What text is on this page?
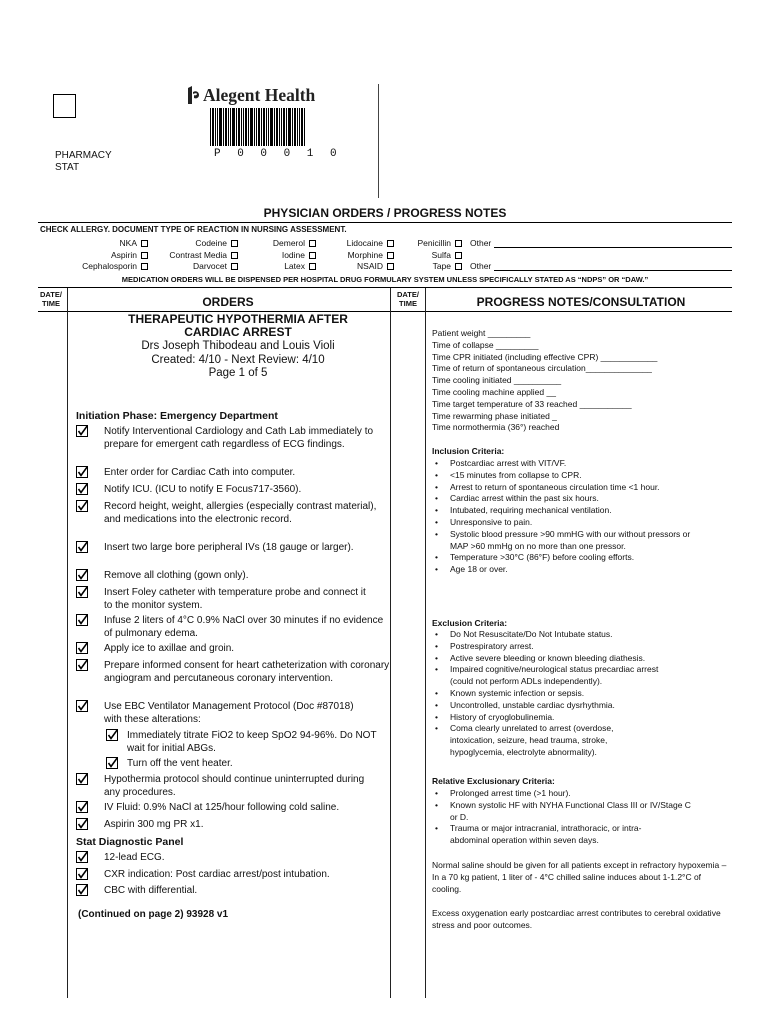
Alegent Health
P 0 0 0 1 0
PHARMACY
STAT
PHYSICIAN ORDERS / PROGRESS NOTES
CHECK ALLERGY. DOCUMENT TYPE OF REACTION IN NURSING ASSESSMENT.
NKA
Aspirin
Cephalosporin
Codeine
Contrast Media
Darvocet
Demerol
Iodine
Latex
Lidocaine
Morphine
NSAID
Penicillin
Sulfa
Tape
Other
Other
MEDICATION ORDERS WILL BE DISPENSED PER HOSPITAL DRUG FORMULARY SYSTEM UNLESS SPECIFICALLY STATED AS “NDPS” OR “DAW.”
DATE/
TIME	ORDERS
DATE/
TIME	PROGRESS NOTES/CONSULTATION
THERAPEUTIC HYPOTHERMIA AFTER
CARDIAC ARREST
Drs Joseph Thibodeau and Louis Violi
Created: 4/10 - Next Review: 4/10
Page 1 of 5
Initiation Phase: Emergency Department
Stat Diagnostic Panel
(Continued on page 2) 93928 v1
Patient weight _________
Time of collapse _________
Time CPR initiated (including effective CPR) ____________
Time of return of spontaneous circulation______________
Time cooling initiated __________
Time cooling machine applied __
Time target temperature of 33 reached ___________
Time rewarming phase initiated _
Time normothermia (36°) reached
Inclusion Criteria:
• Postcardiac arrest with VIT/VF.
• <15 minutes from collapse to CPR.
• Arrest to return of spontaneous circulation time <1 hour.
• Cardiac arrest within the past six hours.
• Intubated, requiring mechanical ventilation.
• Unresponsive to pain.
• Systolic blood pressure >90 mmHG with our without pressors or MAP >60 mmHg on no more than one pressor.
• Temperature >30°C (86°F) before cooling efforts.
• Age 18 or over.
Exclusion Criteria:
• Do Not Resuscitate/Do Not Intubate status.
• Postrespiratory arrest.
• Active severe bleeding or known bleeding diathesis.
• Impaired cognitive/neurological status precardiac arrest (could not perform ADLs independently).
• Known systemic infection or sepsis.
• Uncontrolled, unstable cardiac dysrhythmia.
• History of cryoglobulinemia.
• Coma clearly unrelated to arrest (overdose, intoxication, seizure, head trauma, stroke, hypoglycemia, electrolyte abnormality).
Relative Exclusionary Criteria:
• Prolonged arrest time (>1 hour).
• Known systolic HF with NYHA Functional Class III or IV/Stage C or D.
• Trauma or major intracranial, intrathoracic, or intra-abdominal operation within seven days.
Normal saline should be given for all patients except in refractory hypoxemia –In a 70 kg patient, 1 liter of - 4°C chilled saline induces about 1-1.2°C of cooling.
Excess oxygenation early postcardiac arrest contributes to cerebral oxidative stress and poor outcomes.
Notify Interventional Cardiology and Cath Lab immediately to prepare for emergent cath regardless of ECG findings.
Enter order for Cardiac Cath into computer.
Notify ICU. (ICU to notify E Focus717-3560).
Record height, weight, allergies (especially contrast material), and medications into the electronic record.
Insert two large bore peripheral IVs (18 gauge or larger).
Remove all clothing (gown only).
Insert Foley catheter with temperature probe and connect it to the monitor system.
Infuse 2 liters of 4°C 0.9% NaCl over 30 minutes if no evidence of pulmonary edema.
Apply ice to axillae and groin.
Prepare informed consent for heart catheterization with coronary angiogram and percutaneous coronary intervention.
Use EBC Ventilator Management Protocol (Doc #87018) with these alterations:
Immediately titrate FiO2 to keep SpO2 94-96%. Do NOT wait for initial ABGs.
Turn off the vent heater.
Hypothermia protocol should continue uninterrupted during any procedures.
IV Fluid: 0.9% NaCl at 125/hour following cold saline.
Aspirin 300 mg PR x1.
12-lead ECG.
CXR indication: Post cardiac arrest/post intubation.
CBC with differential.
